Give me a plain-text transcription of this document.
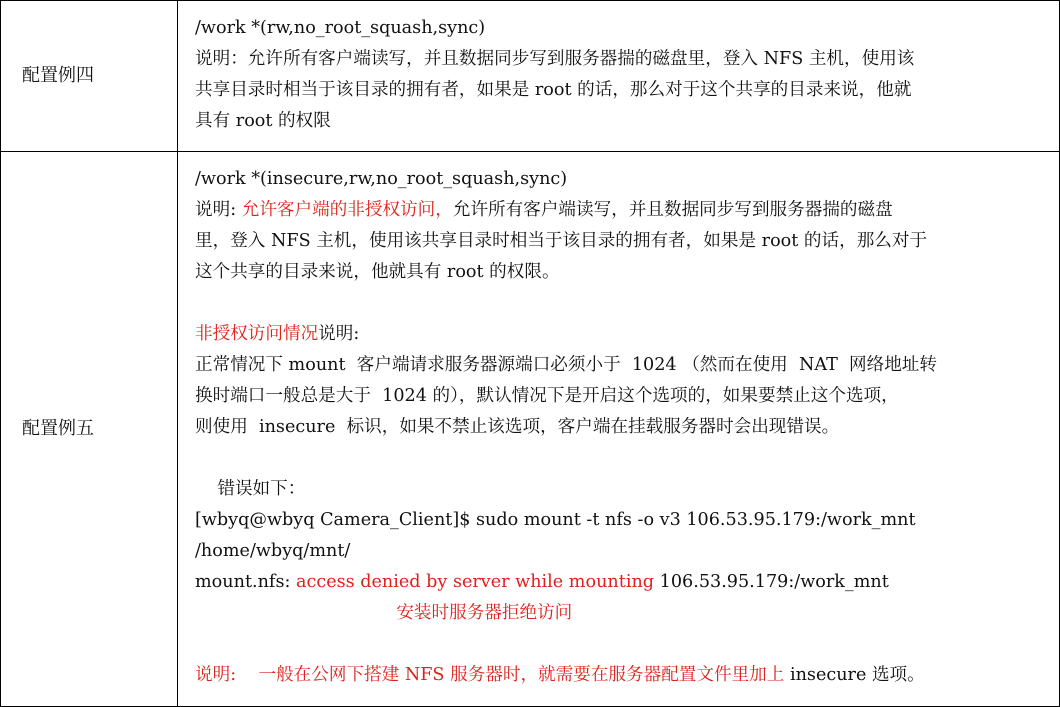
配置例四
/work *(rw,no_root_squash,sync)
说明：允许所有客户端读写，并且数据同步写到服务器揣的磁盘里，登入 NFS 主机，使用该
共享目录时相当于该目录的拥有者，如果是 root 的话，那么对于这个共享的目录来说，他就
具有 root 的权限
配置例五
/work *(insecure,rw,no_root_squash,sync)
说明: 允许客户端的非授权访问，允许所有客户端读写，并且数据同步写到服务器揣的磁盘
里，登入 NFS 主机，使用该共享目录时相当于该目录的拥有者，如果是 root 的话，那么对于
这个共享的目录来说，他就具有 root 的权限。
非授权访问情况说明:
正常情况下 mount  客户端请求服务器源端口必须小于  1024 （然而在使用  NAT  网络地址转
换时端口一般总是大于  1024 的），默认情况下是开启这个选项的，如果要禁止这个选项，
则使用  insecure  标识，如果不禁止该选项，客户端在挂载服务器时会出现错误。
错误如下：
[wbyq@wbyq Camera_Client]$ sudo mount -t nfs -o v3 106.53.95.179:/work_mnt
/home/wbyq/mnt/
mount.nfs: access denied by server while mounting 106.53.95.179:/work_mnt
安装时服务器拒绝访问
说明:    一般在公网下搭建 NFS 服务器时，就需要在服务器配置文件里加上 insecure 选项。
